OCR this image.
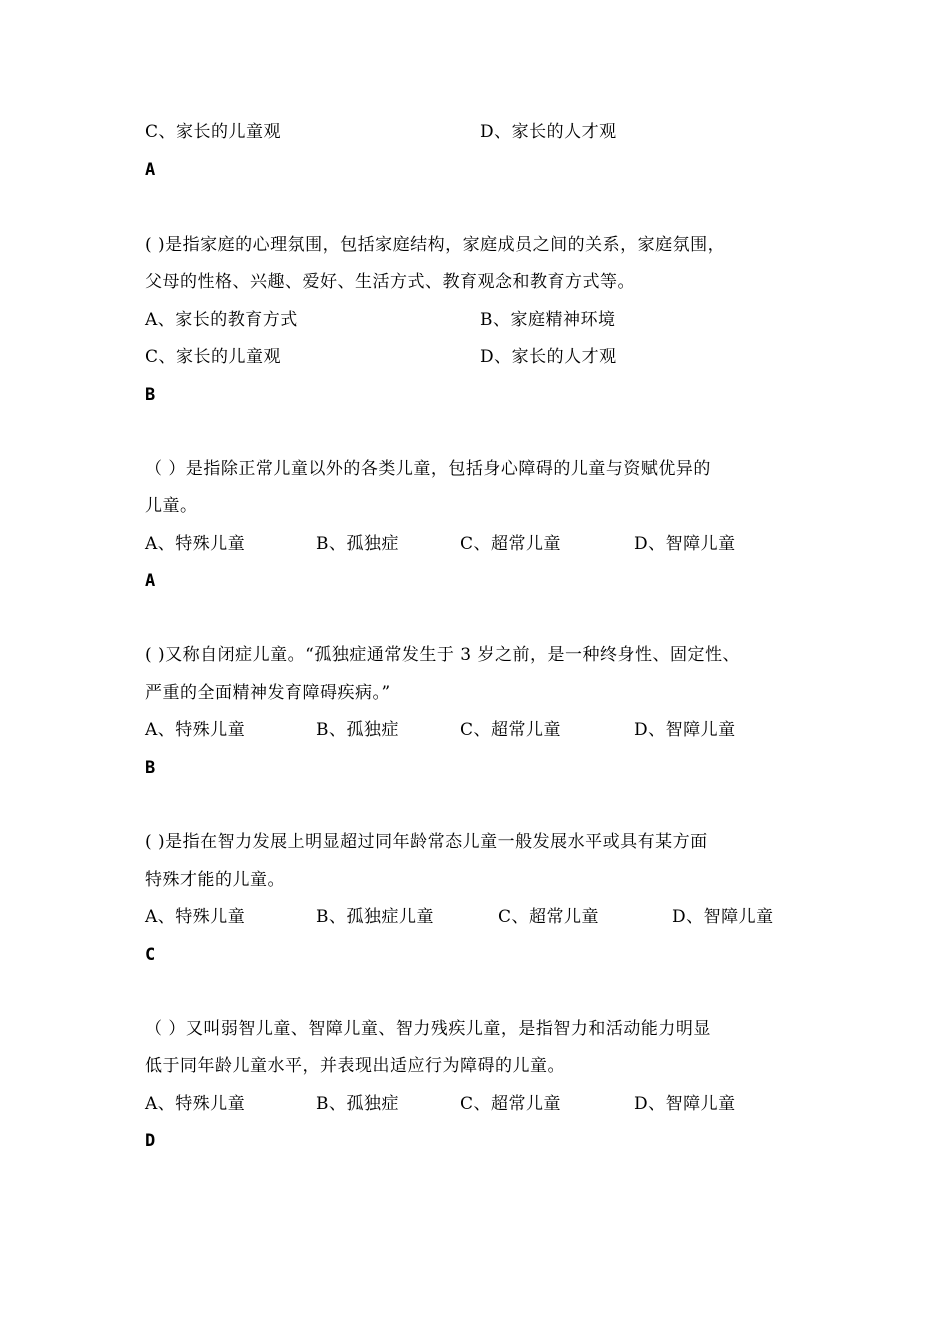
C、家长的儿童观	D、家长的人才观
A
( )是指家庭的心理氛围，包括家庭结构，家庭成员之间的关系，家庭氛围，
父母的性格、兴趣、爱好、生活方式、教育观念和教育方式等。
A、家长的教育方式	B、家庭精神环境
C、家长的儿童观	D、家长的人才观
B
（ ）是指除正常儿童以外的各类儿童，包括身心障碍的儿童与资赋优异的
儿童。
A、特殊儿童	B、孤独症	C、超常儿童	D、智障儿童
A
( )又称自闭症儿童。“孤独症通常发生于 3 岁之前，是一种终身性、固定性、
严重的全面精神发育障碍疾病。”
A、特殊儿童	B、孤独症	C、超常儿童	D、智障儿童
B
( )是指在智力发展上明显超过同年龄常态儿童一般发展水平或具有某方面
特殊才能的儿童。
A、特殊儿童	B、孤独症儿童	C、超常儿童	D、智障儿童
C
（ ）又叫弱智儿童、智障儿童、智力残疾儿童，是指智力和活动能力明显
低于同年龄儿童水平，并表现出适应行为障碍的儿童。
A、特殊儿童	B、孤独症	C、超常儿童	D、智障儿童
D
